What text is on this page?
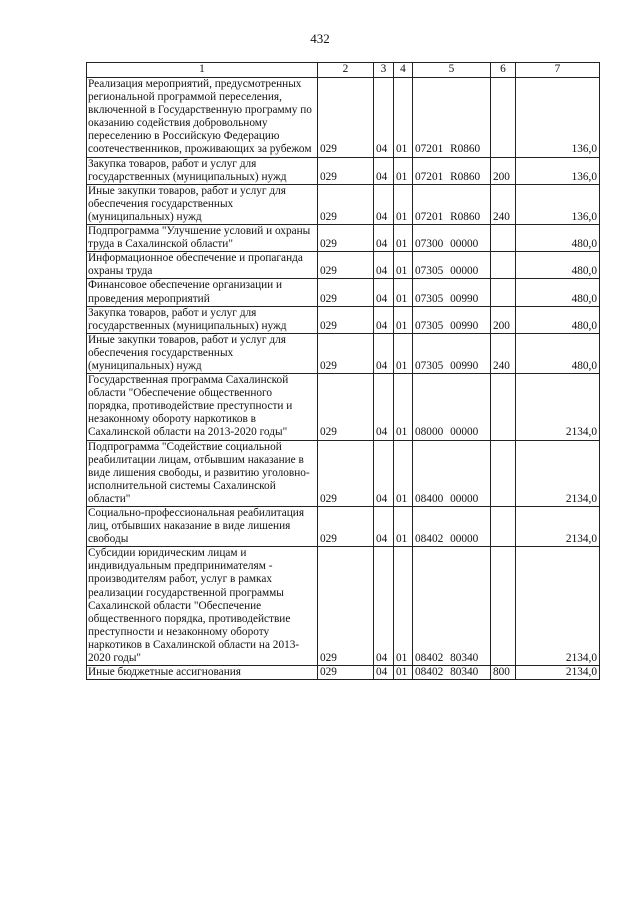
432
1	2	3	4	5	6	7
Реализация мероприятий, предусмотренных региональной программой переселения, включенной в Государственную программу по оказанию содействия добровольному переселению в Российскую Федерацию соотечественников, проживающих за рубежом	029	04	01	07201 R0860		136,0
Закупка товаров, работ и услуг для государственных (муниципальных) нужд	029	04	01	07201 R0860	200	136,0
Иные закупки товаров, работ и услуг для обеспечения государственных (муниципальных) нужд	029	04	01	07201 R0860	240	136,0
Подпрограмма "Улучшение условий и охраны труда в Сахалинской области"	029	04	01	07300 00000		480,0
Информационное обеспечение и пропаганда охраны труда	029	04	01	07305 00000		480,0
Финансовое обеспечение организации и проведения мероприятий	029	04	01	07305 00990		480,0
Закупка товаров, работ и услуг для государственных (муниципальных) нужд	029	04	01	07305 00990	200	480,0
Иные закупки товаров, работ и услуг для обеспечения государственных (муниципальных) нужд	029	04	01	07305 00990	240	480,0
Государственная программа Сахалинской области "Обеспечение общественного порядка, противодействие преступности и незаконному обороту наркотиков в Сахалинской области на 2013-2020 годы"	029	04	01	08000 00000		2134,0
Подпрограмма "Содействие социальной реабилитации лицам, отбывшим наказание в виде лишения свободы, и развитию уголовно-исполнительной системы Сахалинской области"	029	04	01	08400 00000		2134,0
Социально-профессиональная реабилитация лиц, отбывших наказание в виде лишения свободы	029	04	01	08402 00000		2134,0
Субсидии юридическим лицам и индивидуальным предпринимателям - производителям работ, услуг в рамках реализации государственной программы Сахалинской области "Обеспечение общественного порядка, противодействие преступности и незаконному обороту наркотиков в Сахалинской области на 2013-2020 годы"	029	04	01	08402 80340		2134,0
Иные бюджетные ассигнования	029	04	01	08402 80340	800	2134,0
